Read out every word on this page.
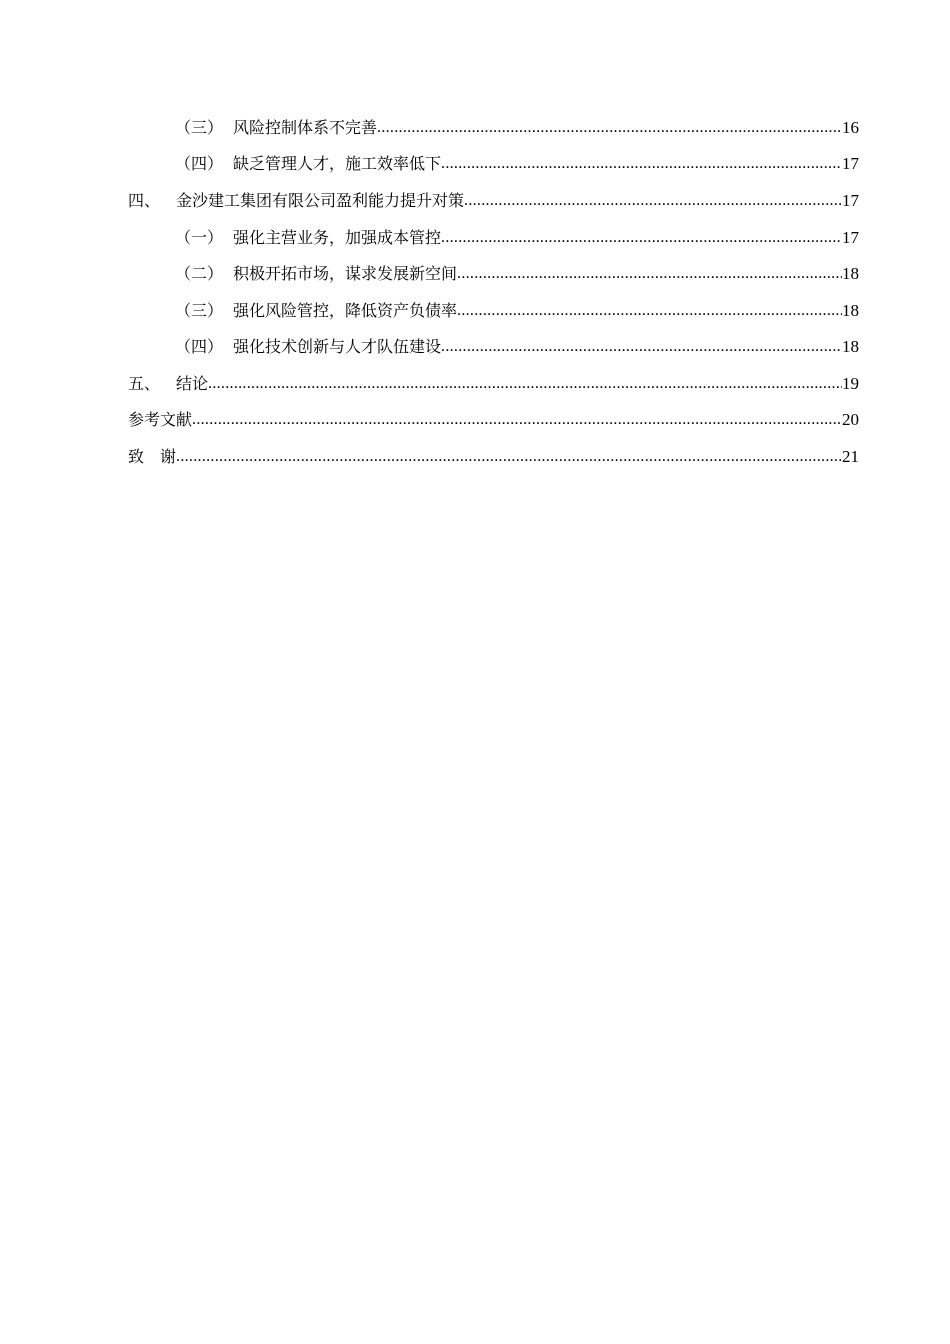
（三） 风险控制体系不完善 .....	16
（四） 缺乏管理人才，施工效率低下 .....	17
四、 金沙建工集团有限公司盈利能力提升对策 .....	17
（一） 强化主营业务，加强成本管控 .....	17
（二） 积极开拓市场，谋求发展新空间 .....	18
（三） 强化风险管控，降低资产负债率 .....	18
（四） 强化技术创新与人才队伍建设 .....	18
五、 结论 .....	19
参考文献 .....	20
致 谢 .....	21
